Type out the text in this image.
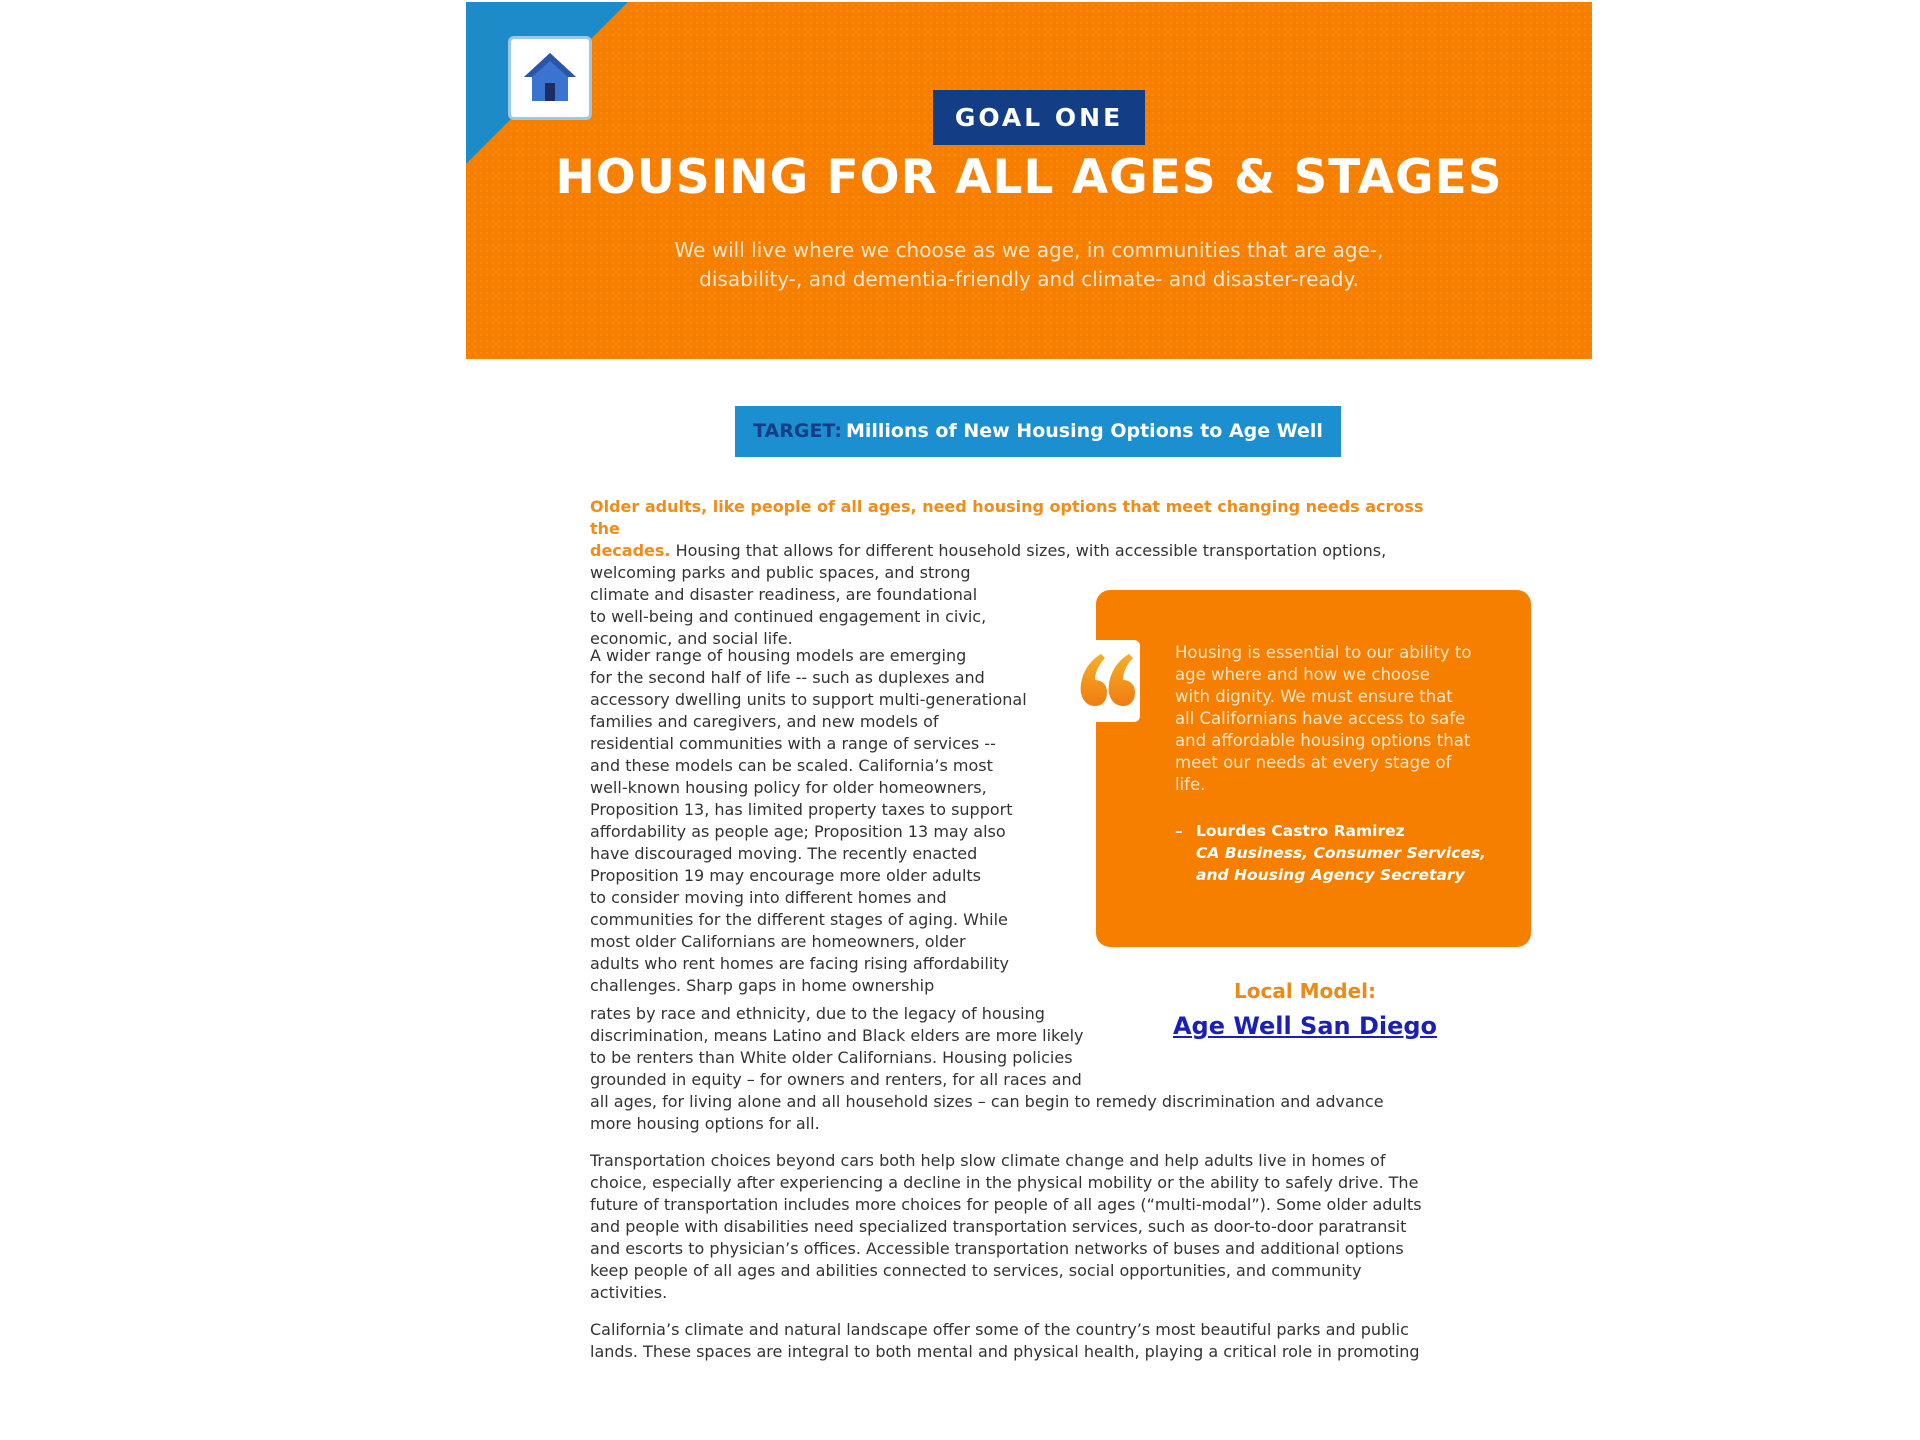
GOAL ONE
HOUSING FOR ALL AGES & STAGES
We will live where we choose as we age, in communities that are age-,
disability-, and dementia-friendly and climate- and disaster-ready.
TARGET: Millions of New Housing Options to Age Well
Older adults, like people of all ages, need housing options that meet changing needs across the
decades. Housing that allows for different household sizes, with accessible transportation options,
welcoming parks and public spaces, and strong
climate and disaster readiness, are foundational
to well-being and continued engagement in civic,
economic, and social life.
A wider range of housing models are emerging
for the second half of life -- such as duplexes and
accessory dwelling units to support multi-generational
families and caregivers, and new models of
residential communities with a range of services --
and these models can be scaled. California’s most
well-known housing policy for older homeowners,
Proposition 13, has limited property taxes to support
affordability as people age; Proposition 13 may also
have discouraged moving. The recently enacted
Proposition 19 may encourage more older adults
to consider moving into different homes and
communities for the different stages of aging. While
most older Californians are homeowners, older
adults who rent homes are facing rising affordability
challenges. Sharp gaps in home ownership
rates by race and ethnicity, due to the legacy of housing
discrimination, means Latino and Black elders are more likely
to be renters than White older Californians. Housing policies
grounded in equity – for owners and renters, for all races and
all ages, for living alone and all household sizes – can begin to remedy discrimination and advance
more housing options for all.
Transportation choices beyond cars both help slow climate change and help adults live in homes of
choice, especially after experiencing a decline in the physical mobility or the ability to safely drive. The
future of transportation includes more choices for people of all ages (“multi-modal”). Some older adults
and people with disabilities need specialized transportation services, such as door-to-door paratransit
and escorts to physician’s offices. Accessible transportation networks of buses and additional options
keep people of all ages and abilities connected to services, social opportunities, and community
activities.
California’s climate and natural landscape offer some of the country’s most beautiful parks and public
lands. These spaces are integral to both mental and physical health, playing a critical role in promoting
Housing is essential to our ability to
age where and how we choose
with dignity. We must ensure that
all Californians have access to safe
and affordable housing options that
meet our needs at every stage of
life.
– Lourdes Castro Ramirez
CA Business, Consumer Services,
and Housing Agency Secretary
Local Model:
Age Well San Diego
